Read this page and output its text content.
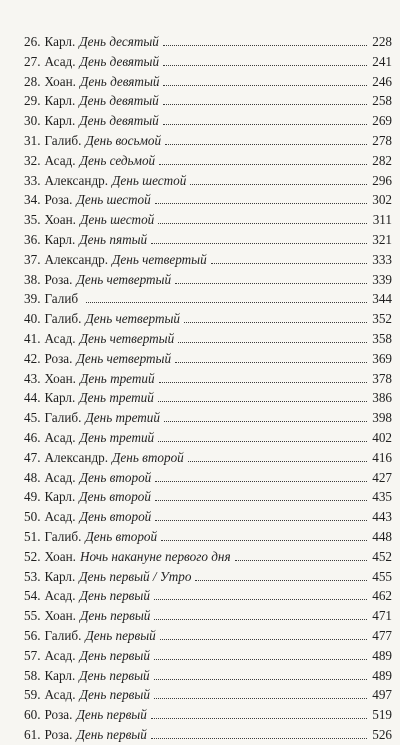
26. Карл. День десятый	228
27. Асад. День девятый	241
28. Хоан. День девятый	246
29. Карл. День девятый	258
30. Карл. День девятый	269
31. Галиб. День восьмой	278
32. Асад. День седьмой	282
33. Александр. День шестой	296
34. Роза. День шестой	302
35. Хоан. День шестой	311
36. Карл. День пятый	321
37. Александр. День четвертый	333
38. Роза. День четвертый	339
39. Галиб	344
40. Галиб. День четвертый	352
41. Асад. День четвертый	358
42. Роза. День четвертый	369
43. Хоан. День третий	378
44. Карл. День третий	386
45. Галиб. День третий	398
46. Асад. День третий	402
47. Александр. День второй	416
48. Асад. День второй	427
49. Карл. День второй	435
50. Асад. День второй	443
51. Галиб. День второй	448
52. Хоан. Ночь накануне первого дня	452
53. Карл. День первый / Утро	455
54. Асад. День первый	462
55. Хоан. День первый	471
56. Галиб. День первый	477
57. Асад. День первый	489
58. Карл. День первый	489
59. Асад. День первый	497
60. Роза. День первый	519
61. Роза. День первый	526
